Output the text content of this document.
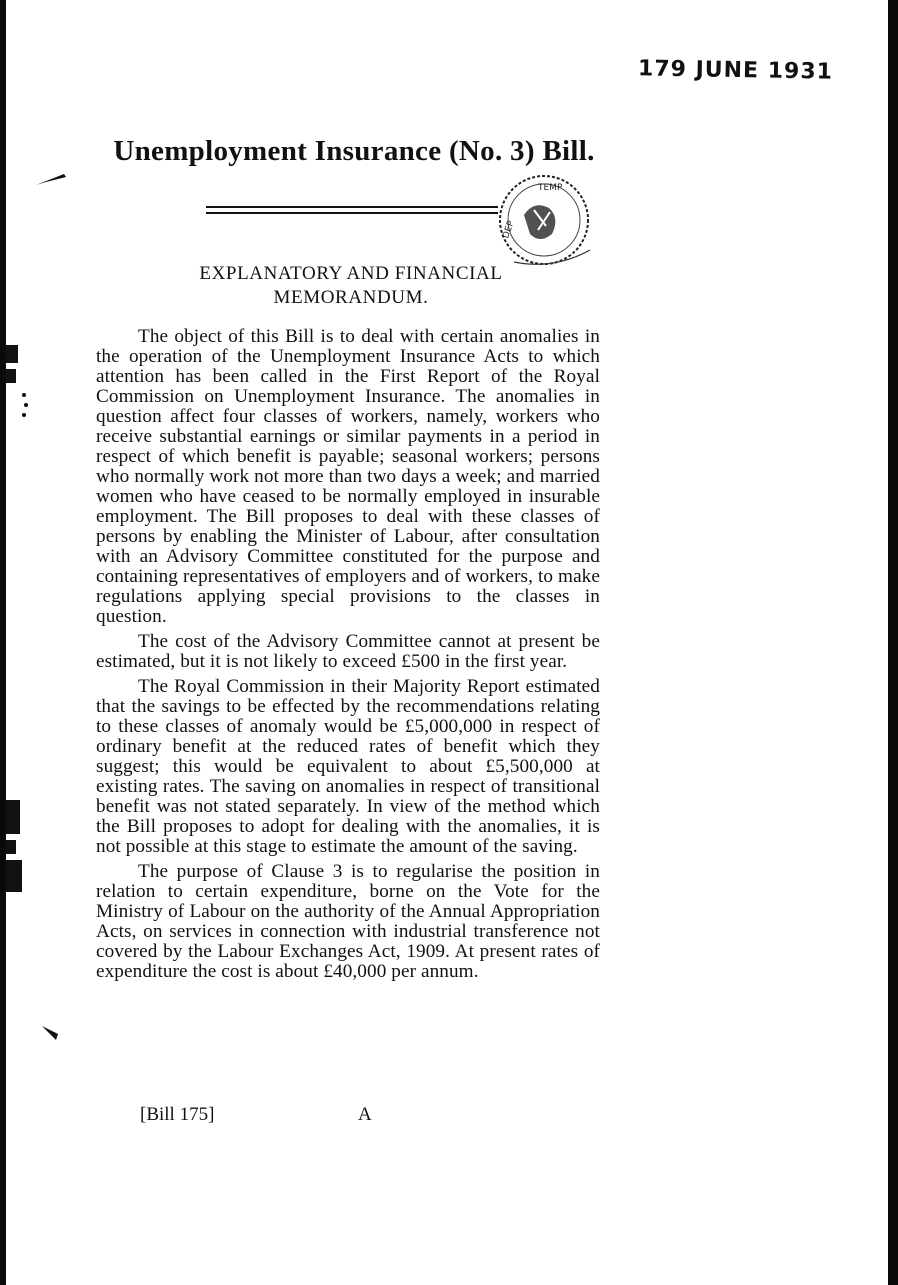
179 JUNE 1931
Unemployment Insurance (No. 3) Bill.
TEMP
DEP
EXPLANATORY AND FINANCIAL
MEMORANDUM.

The object of this Bill is to deal with certain anomalies in the operation of the Unemployment Insurance Acts to which attention has been called in the First Report of the Royal Commission on Unemployment Insurance. The anomalies in question affect four classes of workers, namely, workers who receive substantial earnings or similar payments in a period in respect of which benefit is payable; seasonal workers; persons who normally work not more than two days a week; and married women who have ceased to be normally employed in insurable employment. The Bill proposes to deal with these classes of persons by enabling the Minister of Labour, after consultation with an Advisory Committee constituted for the purpose and containing representatives of employers and of workers, to make regulations applying special provisions to the classes in question.

The cost of the Advisory Committee cannot at present be estimated, but it is not likely to exceed £500 in the first year.

The Royal Commission in their Majority Report estimated that the savings to be effected by the recommendations relating to these classes of anomaly would be £5,000,000 in respect of ordinary benefit at the reduced rates of benefit which they suggest; this would be equivalent to about £5,500,000 at existing rates. The saving on anomalies in respect of transitional benefit was not stated separately. In view of the method which the Bill proposes to adopt for dealing with the anomalies, it is not possible at this stage to estimate the amount of the saving.

The purpose of Clause 3 is to regularise the position in relation to certain expenditure, borne on the Vote for the Ministry of Labour on the authority of the Annual Appropriation Acts, on services in connection with industrial transference not covered by the Labour Exchanges Act, 1909. At present rates of expenditure the cost is about £40,000 per annum.

[Bill 175]	A
